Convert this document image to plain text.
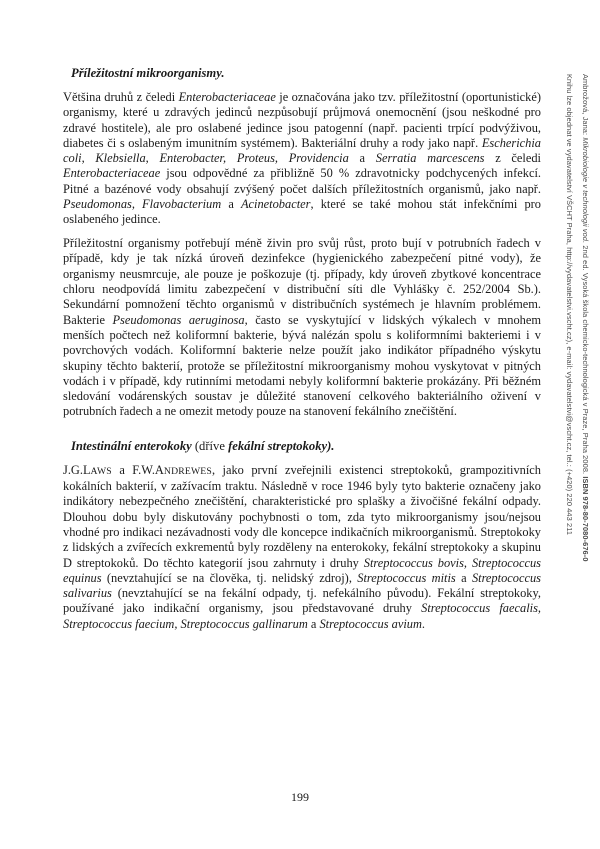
Příležitostní mikroorganismy.

Většina druhů z čeledi Enterobacteriaceae je označována jako tzv. příležitostní (oportunistické) organismy, které u zdravých jedinců nezpůsobují průjmová onemocnění (jsou neškodné pro zdravé hostitele), ale pro oslabené jedince jsou patogenní (např. pacienti trpící podvýživou, diabetes či s oslabeným imunitním systémem). Bakteriální druhy a rody jako např. Escherichia coli, Klebsiella, Enterobacter, Proteus, Providencia a Serratia marcescens z čeledi Enterobacteriaceae jsou odpovědné za přibližně 50 % zdravotnicky podchycených infekcí. Pitné a bazénové vody obsahují zvýšený počet dalších příležitostních organismů, jako např. Pseudomonas, Flavobacterium a Acinetobacter, které se také mohou stát infekčními pro oslabeného jedince.

Příležitostní organismy potřebují méně živin pro svůj růst, proto bují v potrubních řadech v případě, kdy je tak nízká úroveň dezinfekce (hygienického zabezpečení pitné vody), že organismy neusmrcuje, ale pouze je poškozuje (tj. případy, kdy úroveň zbytkové koncentrace chloru neodpovídá limitu zabezpečení v distribuční síti dle Vyhlášky č. 252/2004 Sb.). Sekundární pomnožení těchto organismů v distribučních systémech je hlavním problémem. Bakterie Pseudomonas aeruginosa, často se vyskytující v lidských výkalech v mnohem menších počtech než koliformní bakterie, bývá nalézán spolu s koliformními bakteriemi i v povrchových vodách. Koliformní bakterie nelze použít jako indikátor případného výskytu skupiny těchto bakterií, protože se příležitostní mikroorganismy mohou vyskytovat v pitných vodách i v případě, kdy rutinními metodami nebyly koliformní bakterie prokázány. Při běžném sledování vodárenských soustav je důležité stanovení celkového bakteriálního oživení v potrubních řadech a ne omezit metody pouze na stanovení fekálního znečištění.

Intestinální enterokoky (dříve fekální streptokoky).

J.G.LAWS a F.W.ANDREWES, jako první zveřejnili existenci streptokoků, grampozitivních kokálních bakterií, v zažívacím traktu. Následně v roce 1946 byly tyto bakterie označeny jako indikátory nebezpečného znečištění, charakteristické pro splašky a živočišné fekální odpady. Dlouhou dobu byly diskutovány pochybnosti o tom, zda tyto mikroorganismy jsou/nejsou vhodné pro indikaci nezávadnosti vody dle koncepce indikačních mikroorganismů. Streptokoky z lidských a zvířecích exkrementů byly rozděleny na enterokoky, fekální streptokoky a skupinu D streptokoků. Do těchto kategorií jsou zahrnuty i druhy Streptococcus bovis, Streptococcus equinus (nevztahující se na člověka, tj. nelidský zdroj), Streptococcus mitis a Streptococcus salivarius (nevztahující se na fekální odpady, tj. nefekálního původu). Fekální streptokoky, používané jako indikační organismy, jsou představované druhy Streptococcus faecalis, Streptococcus faecium, Streptococcus gallinarum a Streptococcus avium.

Ambrožová, Jana: Mikrobiologie v technologii vod. 2nd ed. Vysoká škola chemicko-technologická v Praze, Praha 2008. ISBN 978-80-7080-676-0
Knihu lze objednat ve vydavatelství VŠCHT Praha, http://vydavatelstvi.vscht.cz), e-mail: vydavatelstvi@vscht.cz, tel.: (+420) 220 443 211
199
